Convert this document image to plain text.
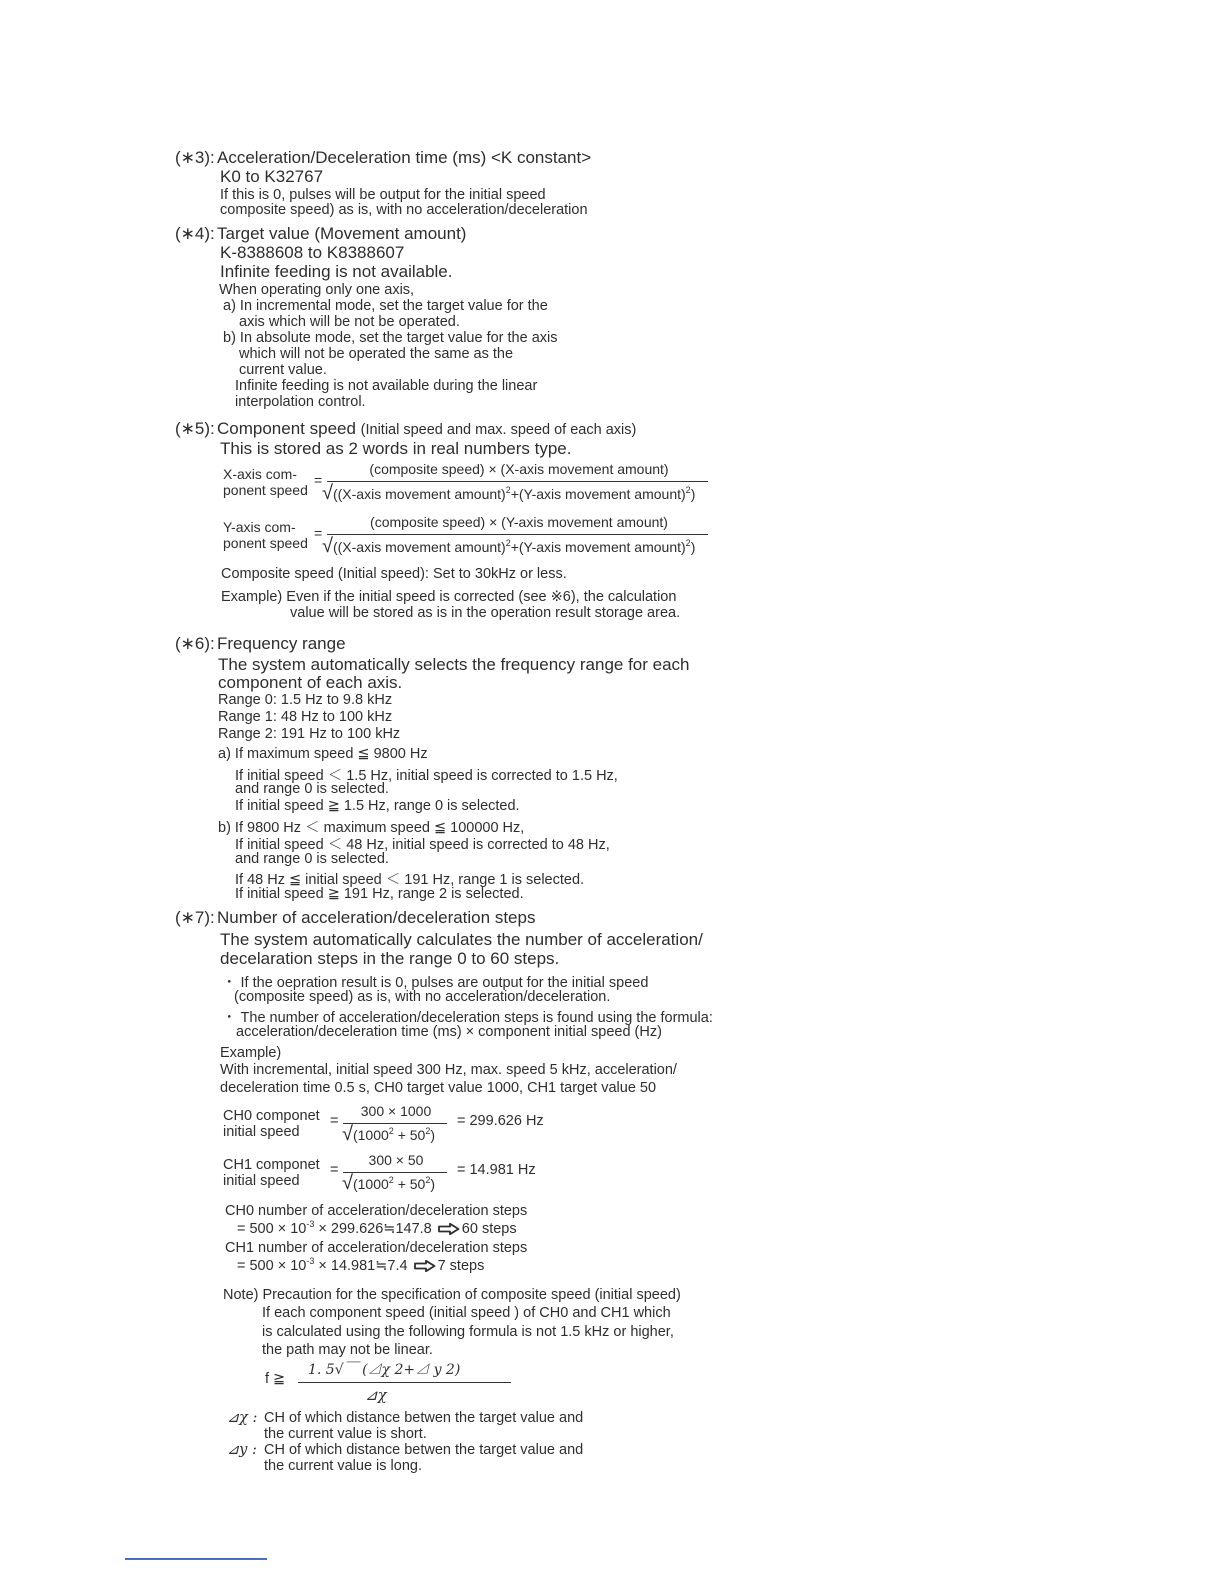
(∗3): Acceleration/Deceleration time (ms) <K constant>
K0 to K32767
If this is 0, pulses will be output for the initial speed
composite speed) as is, with no acceleration/deceleration
(∗4): Target value (Movement amount)
K-8388608 to K8388607
Infinite feeding is not available.
When operating only one axis,
a) In incremental mode, set the target value for the
axis which will be not be operated.
b) In absolute mode, set the target value for the axis
which will not be operated the same as the
current value.
Infinite feeding is not available during the linear
interpolation control.
(∗5): Component speed (Initial speed and max. speed of each axis)
This is stored as 2 words in real numbers type.
X-axis com-
ponent speed
=
(composite speed) × (X-axis movement amount)
√((X-axis movement amount)$^2$+(Y-axis movement amount)$^2$)
Y-axis com-
ponent speed
=
(composite speed) × (Y-axis movement amount)
√((X-axis movement amount)$^2$+(Y-axis movement amount)$^2$)
Composite speed (Initial speed): Set to 30kHz or less.
Example) Even if the initial speed is corrected (see ※6), the calculation
value will be stored as is in the operation result storage area.
(∗6): Frequency range
The system automatically selects the frequency range for each
component of each axis.
Range 0: 1.5 Hz to 9.8 kHz
Range 1: 48 Hz to 100 kHz
Range 2: 191 Hz to 100 kHz
a) If maximum speed ≦ 9800 Hz
If initial speed ＜ 1.5 Hz, initial speed is corrected to 1.5 Hz,
and range 0 is selected.
If initial speed ≧ 1.5 Hz, range 0 is selected.
b) If 9800 Hz ＜ maximum speed ≦ 100000 Hz,
If initial speed ＜ 48 Hz, initial speed is corrected to 48 Hz,
and range 0 is selected.
If 48 Hz ≦ initial speed ＜ 191 Hz, range 1 is selected.
If initial speed ≧ 191 Hz, range 2 is selected.
(∗7): Number of acceleration/deceleration steps
The system automatically calculates the number of acceleration/
decelaration steps in the range 0 to 60 steps.
・ If the oepration result is 0, pulses are output for the initial speed
(composite speed) as is, with no acceleration/deceleration.
・ The number of acceleration/deceleration steps is found using the formula:
acceleration/deceleration time (ms) × component initial speed (Hz)
Example)
With incremental, initial speed 300 Hz, max. speed 5 kHz, acceleration/
deceleration time 0.5 s, CH0 target value 1000, CH1 target value 50
CH0 componet
initial speed
=
300 × 1000
$√(1000^2 + 50^2)$
= 299.626 Hz
CH1 componet
initial speed
=
300 × 50
$√(1000^2 + 50^2)$
= 14.981 Hz
CH0 number of acceleration/deceleration steps
= $500 \times 10^{-3}$ × 299.626≒147.8 60 steps
CH1 number of acceleration/deceleration steps
= $500 \times 10^{-3}$ × 14.981≒7.4 7 steps
Note) Precaution for the specification of composite speed (initial speed)
If each component speed (initial speed ) of CH0 and CH1 which
is calculated using the following formula is not 1.5 kHz or higher,
the path may not be linear.
f ≧
1. 5√￣ (⊿χ 2+⊿ y 2)
⊿χ
⊿χ : CH of which distance betwen the target value and
the current value is short.
⊿y : CH of which distance betwen the target value and
the current value is long.
